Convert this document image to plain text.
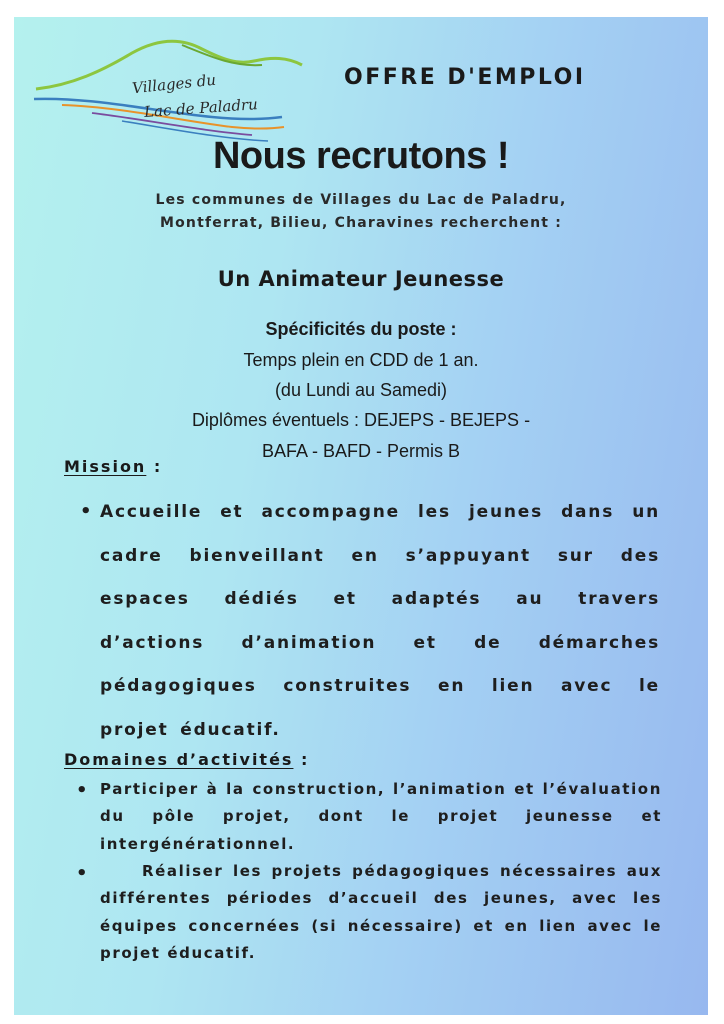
Villages du
Lac de Paladru
OFFRE D'EMPLOI
Nous recrutons !
Les communes de Villages du Lac de Paladru, Montferrat, Bilieu, Charavines recherchent :
Un Animateur Jeunesse
Spécificités du poste :
Temps plein en CDD de 1 an.
(du Lundi au Samedi)
Diplômes éventuels : DEJEPS - BEJEPS -
BAFA - BAFD - Permis B
Mission :
• Accueille et accompagne les jeunes dans un cadre bienveillant en s’appuyant sur des espaces dédiés et adaptés au travers d’actions d’animation et de démarches pédagogiques construites en lien avec le projet éducatif.
Domaines d’activités :
• Participer à la construction, l’animation et l’évaluation du pôle projet, dont le projet jeunesse et intergénérationnel.
•	Réaliser les projets pédagogiques nécessaires aux différentes périodes d’accueil des jeunes, avec les équipes concernées (si nécessaire) et en lien avec le projet éducatif.
